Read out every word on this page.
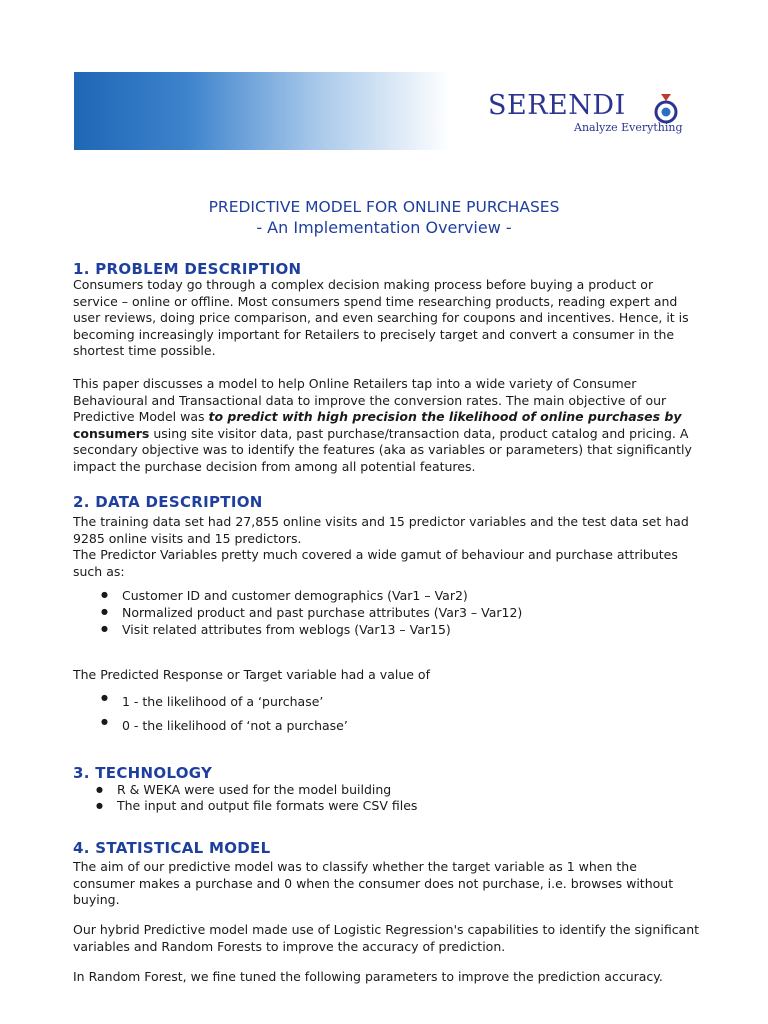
SERENDI
Analyze Everything
PREDICTIVE MODEL FOR ONLINE PURCHASES
- An Implementation Overview -
1. PROBLEM DESCRIPTION
Consumers today go through a complex decision making process before buying a product or
service – online or offline. Most consumers spend time researching products, reading expert and
user reviews, doing price comparison, and even searching for coupons and incentives. Hence, it is
becoming increasingly important for Retailers to precisely target and convert a consumer in the
shortest time possible.
This paper discusses a model to help Online Retailers tap into a wide variety of Consumer
Behavioural and Transactional data to improve the conversion rates. The main objective of our
Predictive Model was to predict with high precision the likelihood of online purchases by
consumers using site visitor data, past purchase/transaction data, product catalog and pricing. A
secondary objective was to identify the features (aka as variables or parameters) that significantly
impact the purchase decision from among all potential features.
2. DATA DESCRIPTION
The training data set had 27,855 online visits and 15 predictor variables and the test data set had
9285 online visits and 15 predictors.
The Predictor Variables pretty much covered a wide gamut of behaviour and purchase attributes
such as:
● Customer ID and customer demographics (Var1 – Var2)
● Normalized product and past purchase attributes (Var3 – Var12)
● Visit related attributes from weblogs (Var13 – Var15)
The Predicted Response or Target variable had a value of
● 1 - the likelihood of a ‘purchase’
● 0 - the likelihood of ‘not a purchase’
3. TECHNOLOGY
● R & WEKA were used for the model building
● The input and output file formats were CSV files
4. STATISTICAL MODEL
The aim of our predictive model was to classify whether the target variable as 1 when the
consumer makes a purchase and 0 when the consumer does not purchase, i.e. browses without
buying.
Our hybrid Predictive model made use of Logistic Regression's capabilities to identify the significant
variables and Random Forests to improve the accuracy of prediction.
In Random Forest, we fine tuned the following parameters to improve the prediction accuracy.
